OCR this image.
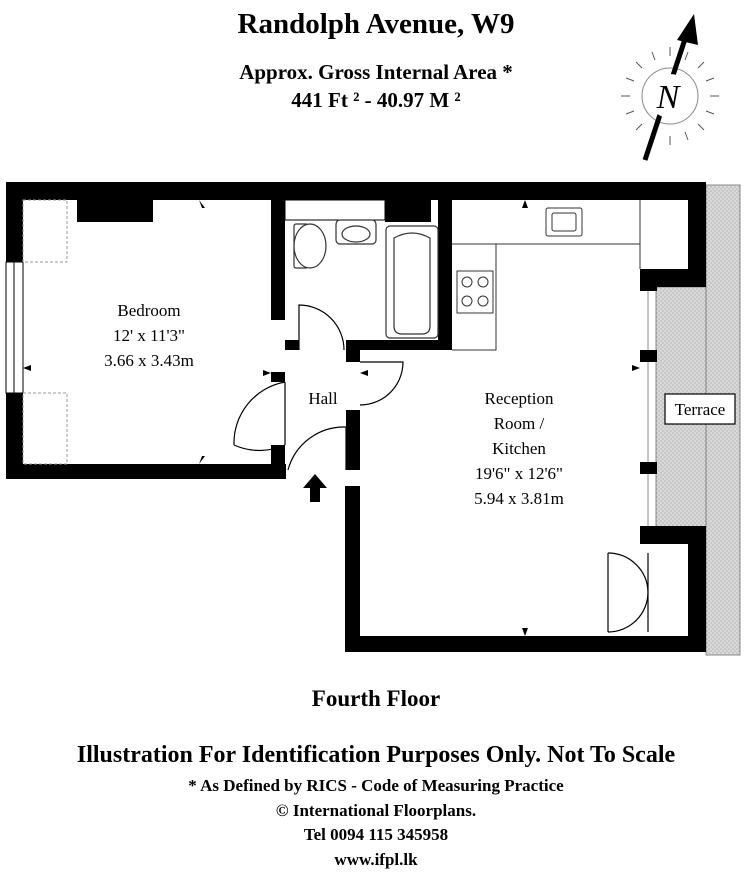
Randolph Avenue, W9
Approx. Gross Internal Area *
441 Ft ² - 40.97 M ²	N
Bedroom
12' x 11'3"
3.66 x 3.43m
Hall	Reception
Room /
Kitchen
19'6" x 12'6"
5.94 x 3.81m
Terrace
Fourth Floor
Illustration For Identification Purposes Only. Not To Scale
* As Defined by RICS - Code of Measuring Practice
© International Floorplans.
Tel 0094 115 345958
www.ifpl.lk
